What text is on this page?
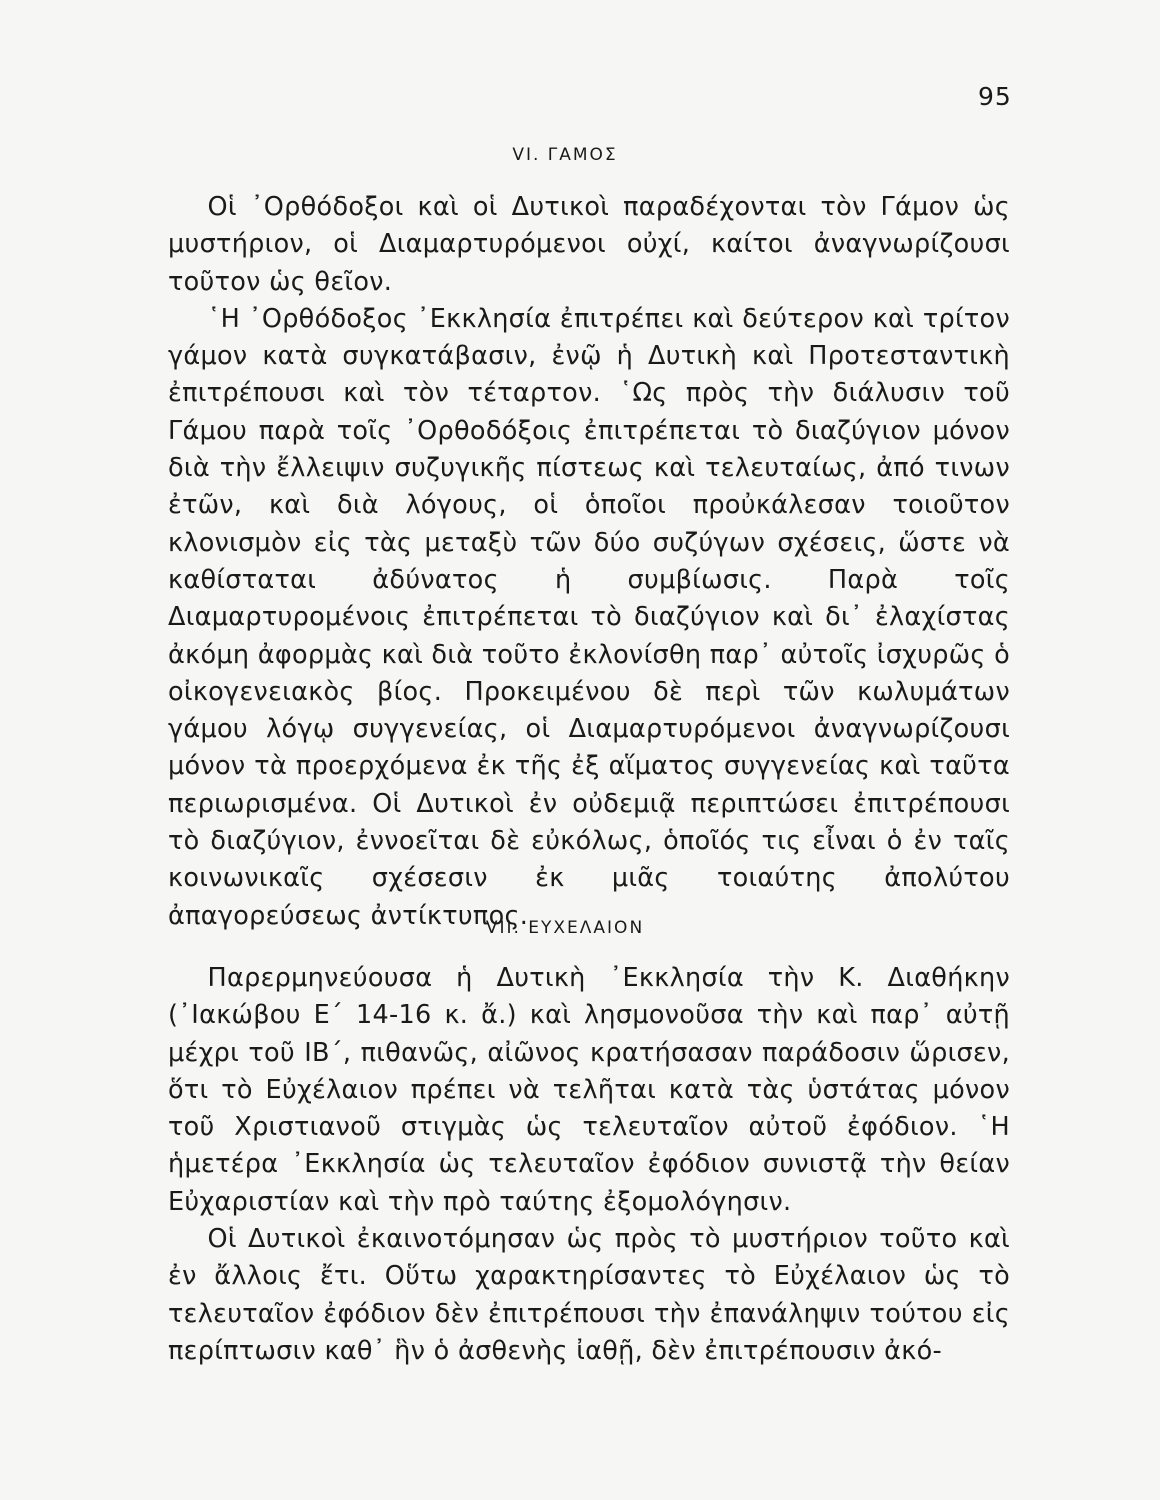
95
VI. ΓΑΜΟΣ

Οἱ ᾽Ορθόδοξοι καὶ οἱ Δυτικοὶ παραδέχονται τὸν Γάμον ὡς μυστήριον, οἱ Διαμαρτυρόμενοι οὐχί, καίτοι ἀναγνωρίζουσι τοῦτον ὡς θεῖον.

῾Η ᾽Ορθόδοξος ᾽Εκκλησία ἐπιτρέπει καὶ δεύτερον καὶ τρίτον γάμον κατὰ συγκατάβασιν, ἐνῷ ἡ Δυτικὴ καὶ Προτεσταντικὴ ἐπιτρέπουσι καὶ τὸν τέταρτον. ῾Ως πρὸς τὴν διάλυσιν τοῦ Γάμου παρὰ τοῖς ᾽Ορθοδόξοις ἐπιτρέπεται τὸ διαζύγιον μόνον διὰ τὴν ἔλλειψιν συζυγικῆς πίστεως καὶ τελευταίως, ἀπό τινων ἐτῶν, καὶ διὰ λόγους, οἱ ὁποῖοι προὐκάλεσαν τοιοῦτον κλονισμὸν εἰς τὰς μεταξὺ τῶν δύο συζύγων σχέσεις, ὥστε νὰ καθίσταται ἀδύνατος ἡ συμβίωσις. Παρὰ τοῖς Διαμαρτυρομένοις ἐπιτρέπεται τὸ διαζύγιον καὶ δι᾽ ἐλαχίστας ἀκόμη ἀφορμὰς καὶ διὰ τοῦτο ἐκλονίσθη παρ᾽ αὐτοῖς ἰσχυρῶς ὁ οἰκογενειακὸς βίος. Προκειμένου δὲ περὶ τῶν κωλυμάτων γάμου λόγῳ συγγενείας, οἱ Διαμαρτυρόμενοι ἀναγνωρίζουσι μόνον τὰ προερχόμενα ἐκ τῆς ἐξ αἵματος συγγενείας καὶ ταῦτα περιωρισμένα. Οἱ Δυτικοὶ ἐν οὐδεμιᾷ περιπτώσει ἐπιτρέπουσι τὸ διαζύγιον, ἐννοεῖται δὲ εὐκόλως, ὁποῖός τις εἶναι ὁ ἐν ταῖς κοινωνικαῖς σχέσεσιν ἐκ μιᾶς τοιαύτης ἀπολύτου ἀπαγορεύσεως ἀντίκτυπος.

VII. ΕΥΧΕΛΑΙΟΝ

Παρερμηνεύουσα ἡ Δυτικὴ ᾽Εκκλησία τὴν Κ. Διαθήκην (᾽Ιακώβου Ε΄ 14-16 κ. ἄ.) καὶ λησμονοῦσα τὴν καὶ παρ᾽ αὐτῇ μέχρι τοῦ ΙΒ΄, πιθανῶς, αἰῶνος κρατήσασαν παράδοσιν ὥρισεν, ὅτι τὸ Εὐχέλαιον πρέπει νὰ τελῆται κατὰ τὰς ὑστάτας μόνον τοῦ Χριστιανοῦ στιγμὰς ὡς τελευταῖον αὐτοῦ ἐφόδιον. ῾Η ἡμετέρα ᾽Εκκλησία ὡς τελευταῖον ἐφόδιον συνιστᾷ τὴν θείαν Εὐχαριστίαν καὶ τὴν πρὸ ταύτης ἐξομολόγησιν.

Οἱ Δυτικοὶ ἐκαινοτόμησαν ὡς πρὸς τὸ μυστήριον τοῦτο καὶ ἐν ἄλλοις ἔτι. Οὕτω χαρακτηρίσαντες τὸ Εὐχέλαιον ὡς τὸ τελευταῖον ἐφόδιον δὲν ἐπιτρέπουσι τὴν ἐπανάληψιν τούτου εἰς περίπτωσιν καθ᾽ ἣν ὁ ἀσθενὴς ἰαθῇ, δὲν ἐπιτρέπουσιν ἀκό-
